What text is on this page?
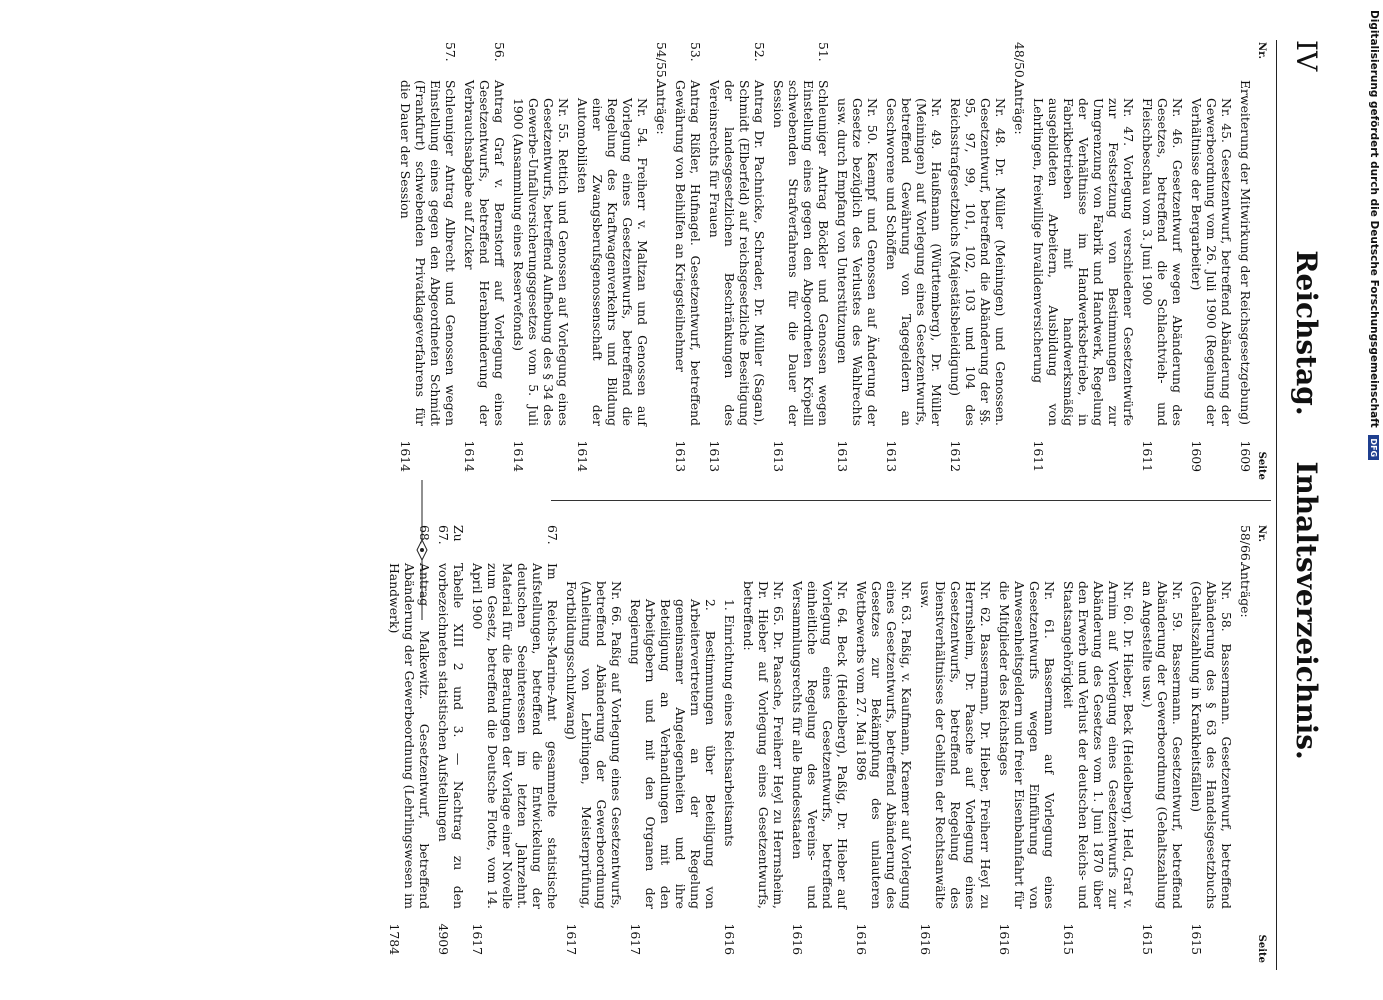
IV
Reichstag. Inhaltsverzeichnis.
Nr.
Seite
Erweiterung der Mitwirkung der Reichsgesetzgebung)
1609
Nr. 45. Gesetzentwurf, betreffend Abänderung der Gewerbeordnung vom 26. Juli 1900 (Regelung der Verhältnisse der Bergarbeiter)
1609
Nr. 46. Gesetzentwurf wegen Abänderung des Gesetzes, betreffend die Schlachtvieh- und Fleischbeschau vom 3. Juni 1900
1611
Nr. 47. Vorlegung verschiedener Gesetzentwürfe zur Festsetzung von Bestimmungen zur Umgrenzung von Fabrik und Handwerk, Regelung der Verhältnisse im Handwerksbetriebe, in Fabrikbetrieben mit handwerksmäßig ausgebildeten Arbeitern, Ausbildung von Lehrlingen, freiwillige Invalidenversicherung
1611
48/50.
Anträge:
Nr. 48. Dr. Müller (Meiningen) und Genossen. Gesetzentwurf, betreffend die Abänderung der §§. 95, 97, 99, 101, 102, 103 und 104 des Reichsstrafgesetzbuchs (Majestätsbeleidigung)
1612
Nr. 49. Haußmann (Württemberg), Dr. Müller (Meiningen) auf Vorlegung eines Gesetzentwurfs, betreffend Gewährung von Tagegeldern an Geschworene und Schöffen
1613
Nr. 50. Kaempf und Genossen auf Änderung der Gesetze bezüglich des Verlustes des Wahlrechts usw. durch Empfang von Unterstützungen
1613
51.
Schleuniger Antrag Böckler und Genossen wegen Einstellung eines gegen den Abgeordneten Kröpelll schwebenden Strafverfahrens für die Dauer der Session
1613
52.
Antrag Dr. Pachnicke, Schrader, Dr. Müller (Sagan), Schmidt (Elberfeld) auf reichsgesetzliche Beseitigung der landesgesetzlichen Beschränkungen des Vereinsrechts für Frauen
1613
53.
Antrag Rißler, Hufnagel. Gesetzentwurf, betreffend Gewährung von Beihilfen an Kriegsteilnehmer
1613
54/55.
Anträge:
Nr. 54. Freiherr v. Maltzan und Genossen auf Vorlegung eines Gesetzentwurfs, betreffend die Regelung des Kraftwagenverkehrs und Bildung einer Zwangsberufsgenossenschaft der Automobilisten
1614
Nr. 55. Rettich und Genossen auf Vorlegung eines Gesetzentwurfs, betreffend Aufhebung des § 34 des Gewerbe-Unfallversicherungsgesetzes vom 5. Juli 1900 (Ansammlung eines Reservefonds)
1614
56.
Antrag Graf v. Bernstorff auf Vorlegung eines Gesetzentwurfs, betreffend Herabminderung der Verbrauchsabgabe auf Zucker
1614
57.
Schleuniger Antrag Albrecht und Genossen wegen Einstellung eines gegen den Abgeordneten Schmidt (Frankfurt) schwebenden Privatklageverfahrens für die Dauer der Session
1614
Nr.
Seite
58/66.
Anträge:
Nr. 58. Bassermann. Gesetzentwurf, betreffend Abänderung des § 63 des Handelsgesetzbuchs (Gehaltszahlung in Krankheitsfällen)
1615
Nr. 59. Bassermann. Gesetzentwurf, betreffend Abänderung der Gewerbeordnung (Gehaltszahlung an Angestellte usw.)
1615
Nr. 60. Dr. Hieber, Beck (Heidelberg), Held, Graf v. Arnim auf Vorlegung eines Gesetzentwurfs zur Abänderung des Gesetzes vom 1. Juni 1870 über den Erwerb und Verlust der deutschen Reichs- und Staatsangehörigkeit
1615
Nr. 61. Bassermann auf Vorlegung eines Gesetzentwurfs wegen Einführung von Anwesenheitsgeldern und freier Eisenbahnfahrt für die Mitglieder des Reichstages
1616
Nr. 62. Bassermann, Dr. Hieber, Freiherr Heyl zu Herrnsheim, Dr. Paasche auf Vorlegung eines Gesetzentwurfs, betreffend Regelung des Dienstverhältnisses der Gehilfen der Rechtsanwälte usw.
1616
Nr. 63. Paßig, v. Kaufmann, Kraemer auf Vorlegung eines Gesetzentwurfs, betreffend Abänderung des Gesetzes zur Bekämpfung des unlauteren Wettbewerbs vom 27. Mai 1896
1616
Nr. 64. Beck (Heidelberg), Paßig, Dr. Hieber auf Vorlegung eines Gesetzentwurfs, betreffend einheitliche Regelung des Vereins- und Versammlungsrechts für alle Bundesstaaten
1616
Nr. 65. Dr. Paasche, Freiherr Heyl zu Herrnsheim, Dr. Hieber auf Vorlegung eines Gesetzentwurfs, betreffend:
1. Einrichtung eines Reichsarbeitsamts
1616
2. Bestimmungen über Beteiligung von Arbeitervertretern an der Regelung gemeinsamer Angelegenheiten und ihre Beteiligung an Verhandlungen mit den Arbeitgebern und mit den Organen der Regierung
1617
Nr. 66. Paßig auf Vorlegung eines Gesetzentwurfs, betreffend Abänderung der Gewerbeordnung (Anleitung von Lehrlingen, Meisterprüfung, Fortbildungsschulzwang)
1617
67.
Im Reichs-Marine-Amt gesammelte statistische Aufstellungen, betreffend die Entwickelung der deutschen Seeinteressen im letzten Jahrzehnt. Material für die Beratungen der Vorlage einer Novelle zum Gesetz, betreffend die Deutsche Flotte, vom 14. April 1900
1617
Zu 67.
Tabelle XIII 2 und 3. — Nachtrag zu den vorbezeichneten statistischen Aufstellungen
4909
68.
Antrag Malkewitz. Gesetzentwurf, betreffend Abänderung der Gewerbeordnung (Lehrlingswesen im Handwerk)
1784
Digitalisierung gefördert durch die Deutsche Forschungsgemeinschaft DFG
